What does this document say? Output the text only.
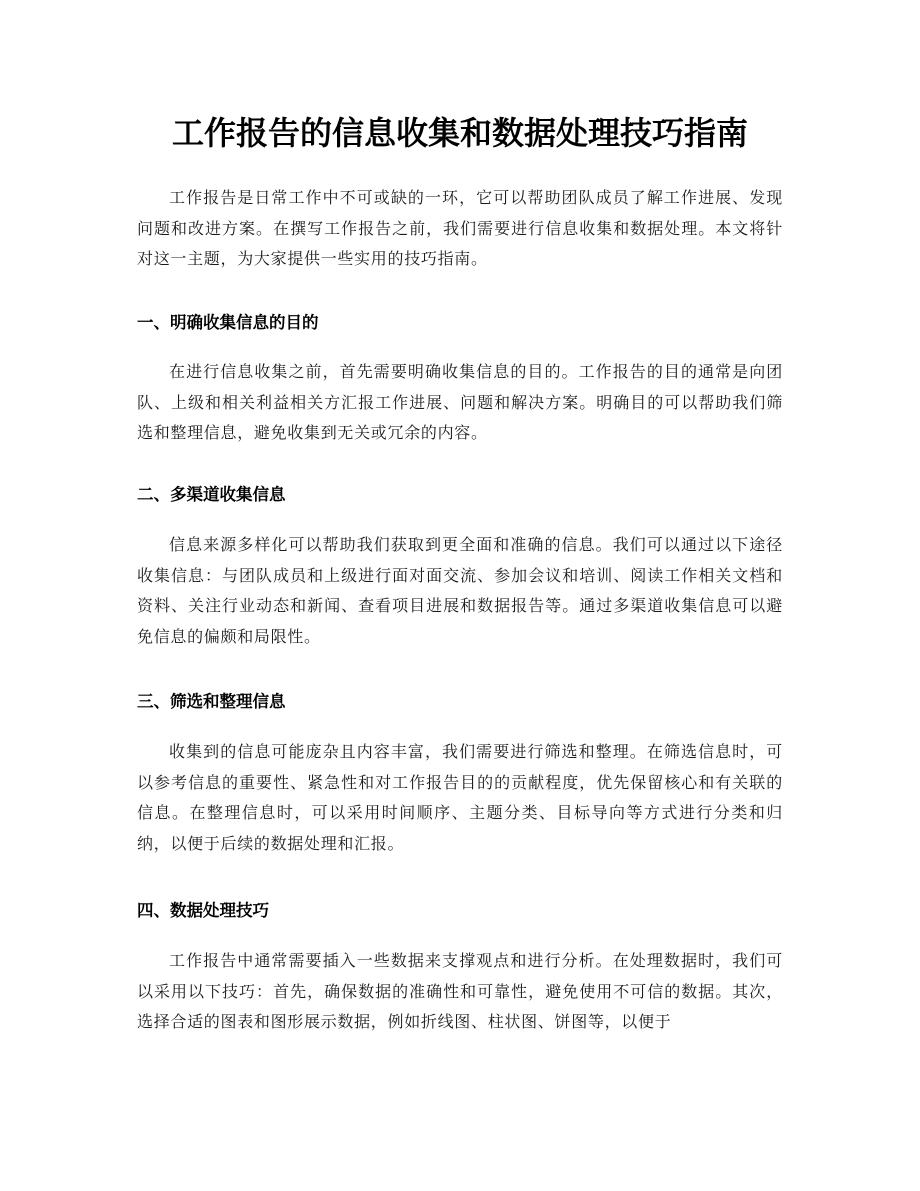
工作报告的信息收集和数据处理技巧指南

工作报告是日常工作中不可或缺的一环，它可以帮助团队成员了解工作进展、发现问题和改进方案。在撰写工作报告之前，我们需要进行信息收集和数据处理。本文将针对这一主题，为大家提供一些实用的技巧指南。

一、明确收集信息的目的

在进行信息收集之前，首先需要明确收集信息的目的。工作报告的目的通常是向团队、上级和相关利益相关方汇报工作进展、问题和解决方案。明确目的可以帮助我们筛选和整理信息，避免收集到无关或冗余的内容。

二、多渠道收集信息

信息来源多样化可以帮助我们获取到更全面和准确的信息。我们可以通过以下途径收集信息：与团队成员和上级进行面对面交流、参加会议和培训、阅读工作相关文档和资料、关注行业动态和新闻、查看项目进展和数据报告等。通过多渠道收集信息可以避免信息的偏颇和局限性。

三、筛选和整理信息

收集到的信息可能庞杂且内容丰富，我们需要进行筛选和整理。在筛选信息时，可以参考信息的重要性、紧急性和对工作报告目的的贡献程度，优先保留核心和有关联的信息。在整理信息时，可以采用时间顺序、主题分类、目标导向等方式进行分类和归纳，以便于后续的数据处理和汇报。

四、数据处理技巧

工作报告中通常需要插入一些数据来支撑观点和进行分析。在处理数据时，我们可以采用以下技巧：首先，确保数据的准确性和可靠性，避免使用不可信的数据。其次，选择合适的图表和图形展示数据，例如折线图、柱状图、饼图等，以便于
